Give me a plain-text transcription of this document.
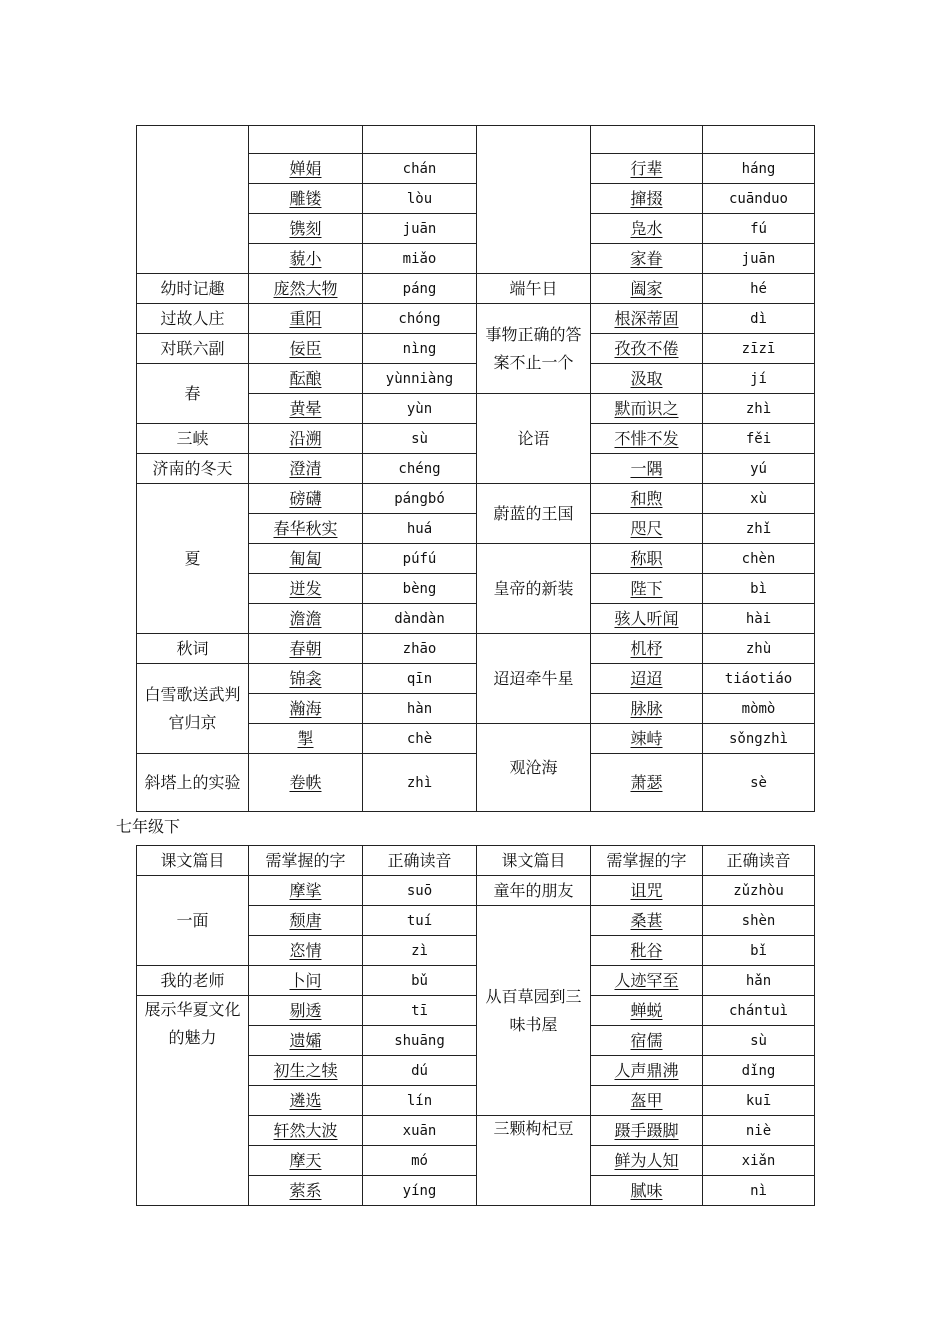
	婵娟	chán		行辈	háng
	雕镂	lòu		撺掇	cuānduo
	镌刻	juān		凫水	fú
	藐小	miǎo		家眷	juān
幼时记趣	庞然大物	páng	端午日	阖家	hé
过故人庄	重阳	chóng	事物正确的答案不止一个	根深蒂固	dì
对联六副	佞臣	nìng		孜孜不倦	zīzī
春	酝酿	yùnniàng		汲取	jí
	黄晕	yùn	论语	默而识之	zhì
三峡	沿溯	sù		不悱不发	fěi
济南的冬天	澄清	chéng		一隅	yú
夏	磅礴	pángbó	蔚蓝的王国	和煦	xù
	春华秋实	huá		咫尺	zhǐ
	匍匐	púfú	皇帝的新装	称职	chèn
	迸发	bèng		陛下	bì
	澹澹	dàndàn		骇人听闻	hài
秋词	春朝	zhāo	迢迢牵牛星	机杼	zhù
白雪歌送武判官归京	锦衾	qīn		迢迢	tiáotiáo
	瀚海	hàn		脉脉	mòmò
	掣	chè	观沧海	竦峙	sǒngzhì
斜塔上的实验	卷帙	zhì		萧瑟	sè
七年级下
课文篇目	需掌握的字	正确读音	课文篇目	需掌握的字	正确读音
一面	摩挲	suō	童年的朋友	诅咒	zǔzhòu
	颓唐	tuí	从百草园到三味书屋	桑葚	shèn
	恣情	zì		秕谷	bǐ
我的老师	卜问	bǔ		人迹罕至	hǎn
展示华夏文化的魅力	剔透	tī		蝉蜕	chántuì
	遗孀	shuāng		宿儒	sù
	初生之犊	dú		人声鼎沸	dǐng
	遴选	lín		盔甲	kuī
	轩然大波	xuān	三颗枸杞豆	蹑手蹑脚	niè
	摩天	mó		鲜为人知	xiǎn
	萦系	yíng		腻味	nì
